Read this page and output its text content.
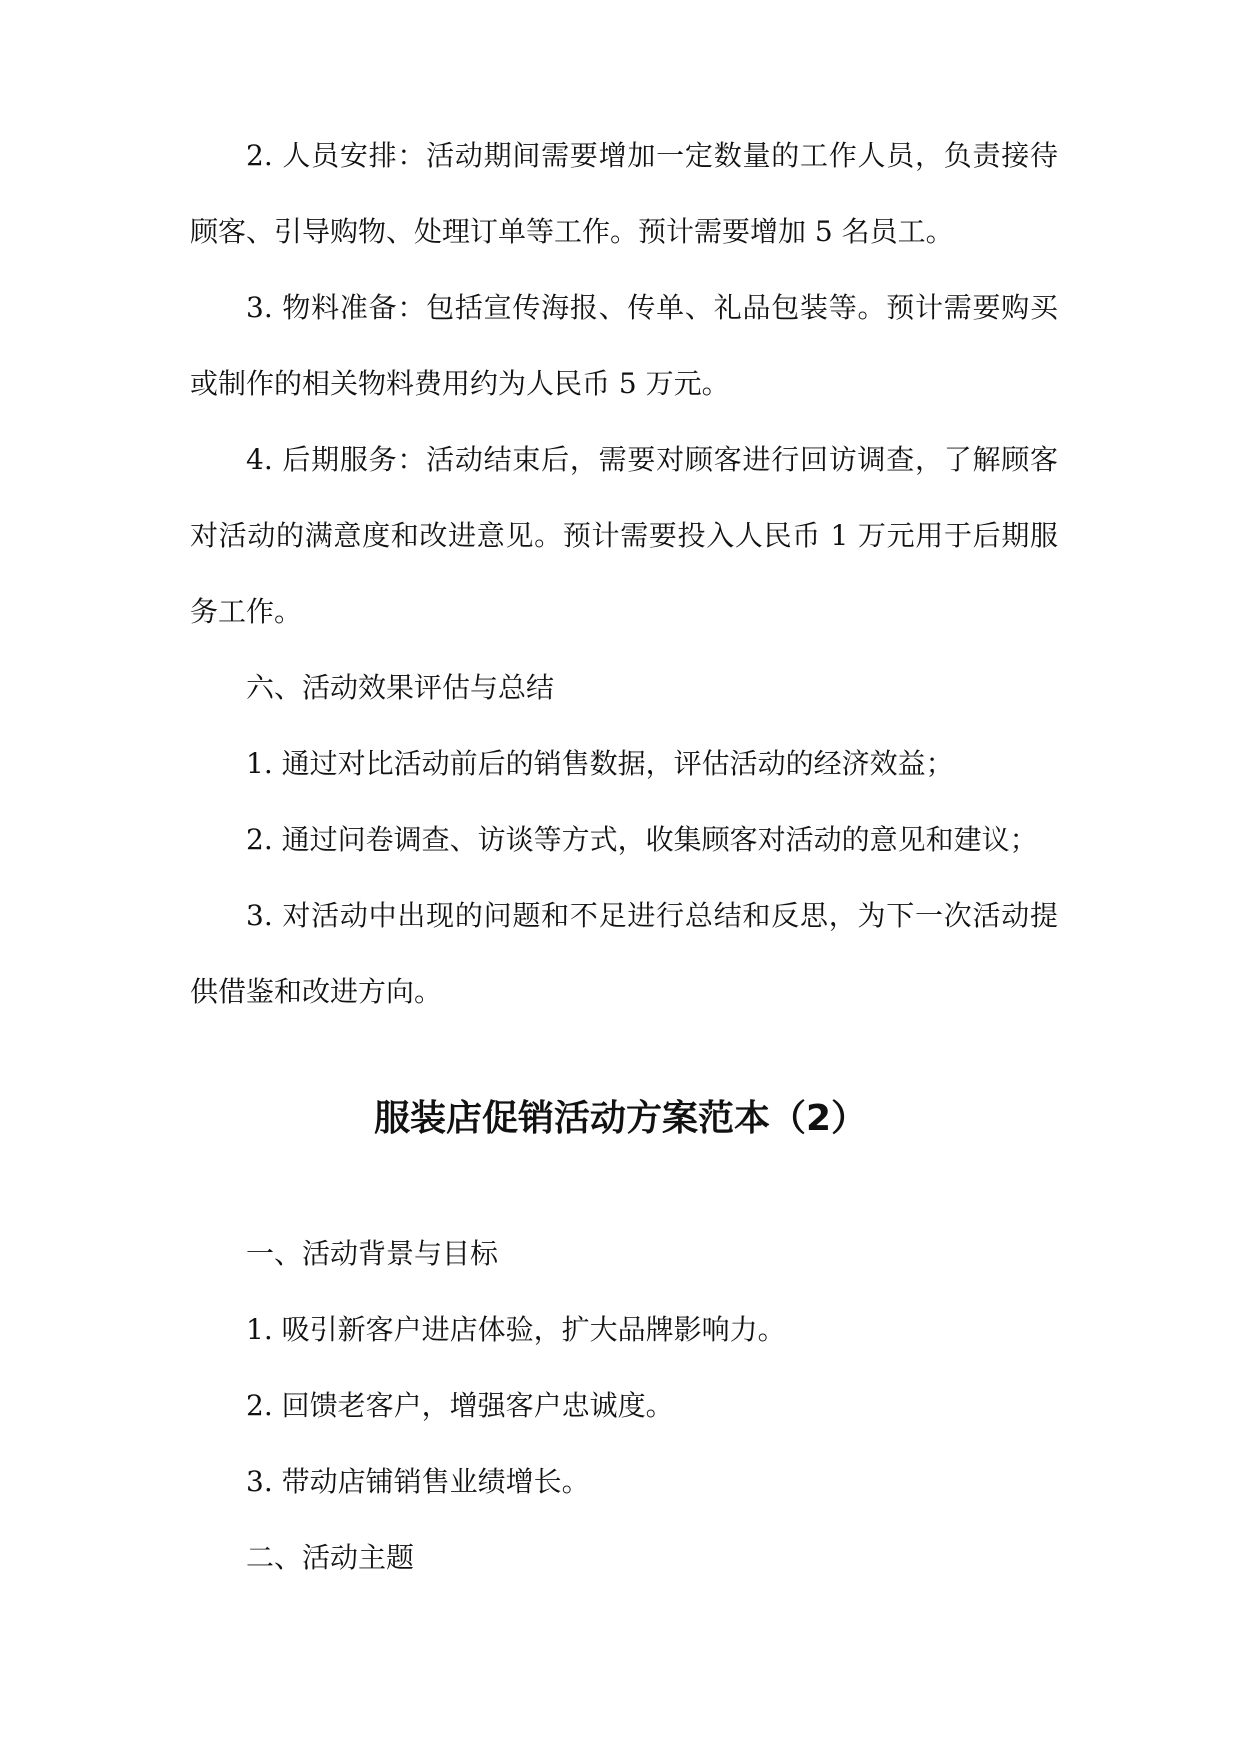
2. 人员安排：活动期间需要增加一定数量的工作人员，负责接待顾客、引导购物、处理订单等工作。预计需要增加 5 名员工。

3. 物料准备：包括宣传海报、传单、礼品包装等。预计需要购买或制作的相关物料费用约为人民币 5 万元。

4. 后期服务：活动结束后，需要对顾客进行回访调查，了解顾客对活动的满意度和改进意见。预计需要投入人民币 1 万元用于后期服务工作。

六、活动效果评估与总结

1. 通过对比活动前后的销售数据，评估活动的经济效益；

2. 通过问卷调查、访谈等方式，收集顾客对活动的意见和建议；

3. 对活动中出现的问题和不足进行总结和反思，为下一次活动提供借鉴和改进方向。

服装店促销活动方案范本（2）

一、活动背景与目标

1. 吸引新客户进店体验，扩大品牌影响力。

2. 回馈老客户，增强客户忠诚度。

3. 带动店铺销售业绩增长。

二、活动主题
